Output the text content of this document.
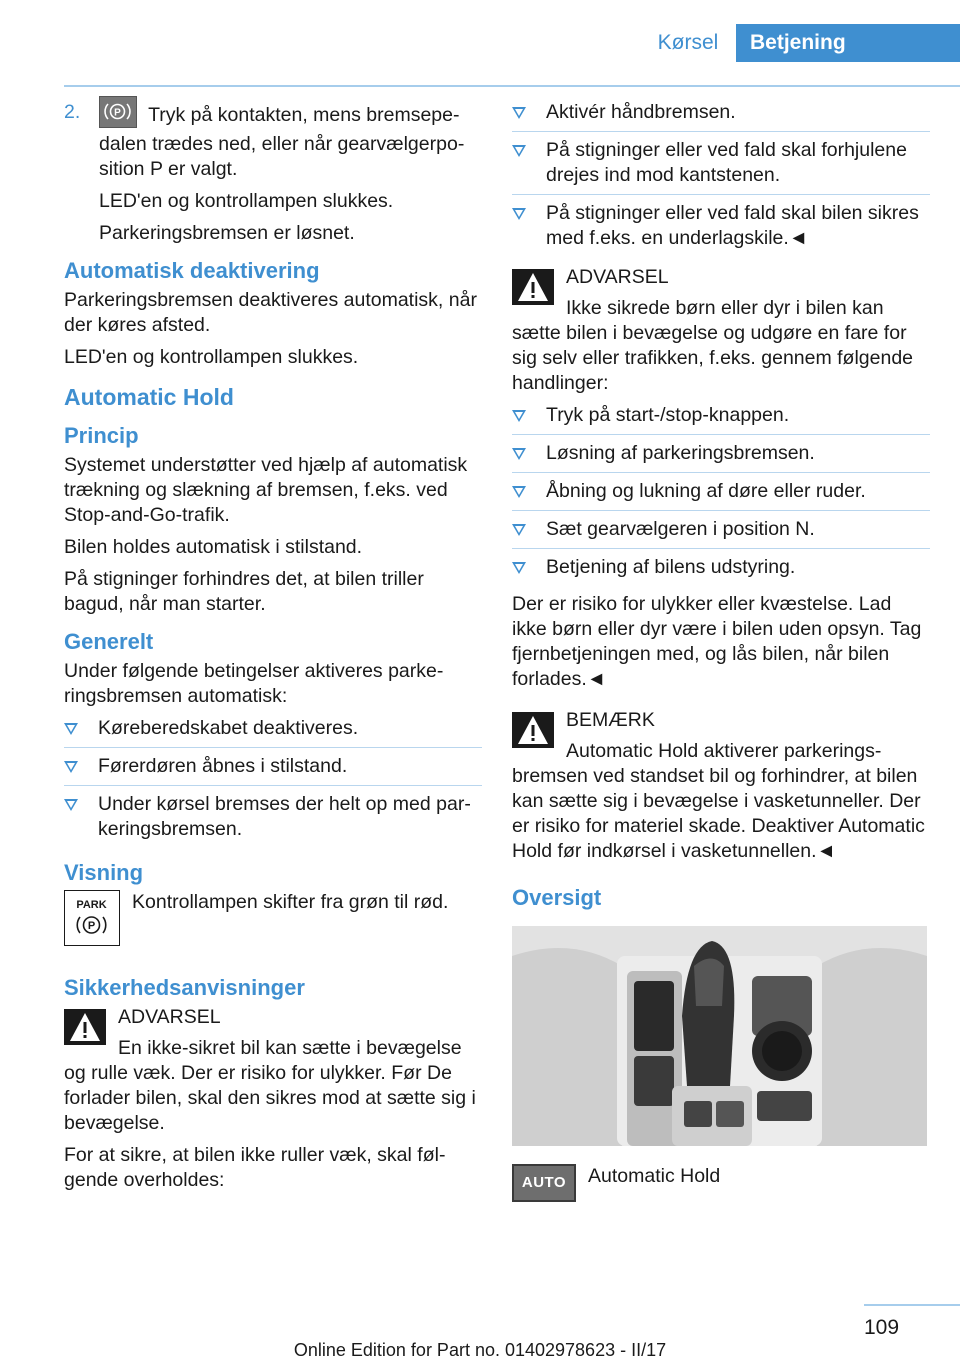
Kørsel	Betjening
2.	P Tryk på kontakten, mens bremsepedalen trædes ned, eller når gearvælgerposition P er valgt.

LED'en og kontrollampen slukkes.

Parkeringsbremsen er løsnet.

Automatisk deaktivering

Parkeringsbremsen deaktiveres automatisk, når der køres afsted.

LED'en og kontrollampen slukkes.

Automatic Hold
Princip

Systemet understøtter ved hjælp af automatisk trækning og slækning af bremsen, f.eks. ved Stop-and-Go-trafik.

Bilen holdes automatisk i stilstand.

På stigninger forhindres det, at bilen triller bagud, når man starter.

Generelt

Under følgende betingelser aktiveres parkeringsbremsen automatisk:

Køreberedskabet deaktiveres.
Førerdøren åbnes i stilstand.
Under kørsel bremses der helt op med parkeringsbremsen.
Visning
PARK
P

Kontrollampen skifter fra grøn til rød.

Sikkerhedsanvisninger

ADVARSEL

En ikke-sikret bil kan sætte i bevægelse og rulle væk. Der er risiko for ulykker. Før De forlader bilen, skal den sikres mod at sætte sig i bevægelse.

For at sikre, at bilen ikke ruller væk, skal følgende overholdes:

Aktivér håndbremsen.
På stigninger eller ved fald skal forhjulene drejes ind mod kantstenen.
På stigninger eller ved fald skal bilen sikres med f.eks. en underlagskile.◄

ADVARSEL

Ikke sikrede børn eller dyr i bilen kan sætte bilen i bevægelse og udgøre en fare for sig selv eller trafikken, f.eks. gennem følgende handlinger:

Tryk på start-/stop-knappen.
Løsning af parkeringsbremsen.
Åbning og lukning af døre eller ruder.
Sæt gearvælgeren i position N.
Betjening af bilens udstyring.

Der er risiko for ulykker eller kvæstelse. Lad ikke børn eller dyr være i bilen uden opsyn. Tag fjernbetjeningen med, og lås bilen, når bilen forlades.◄

BEMÆRK

Automatic Hold aktiverer parkeringsbremsen ved standset bil og forhindrer, at bilen kan sætte sig i bevægelse i vasketunneller. Der er risiko for materiel skade. Deaktiver Automatic Hold før indkørsel i vasketunnellen.◄

Oversigt
AUTO H

Automatic Hold

109
Online Edition for Part no. 01402978623 - II/17
